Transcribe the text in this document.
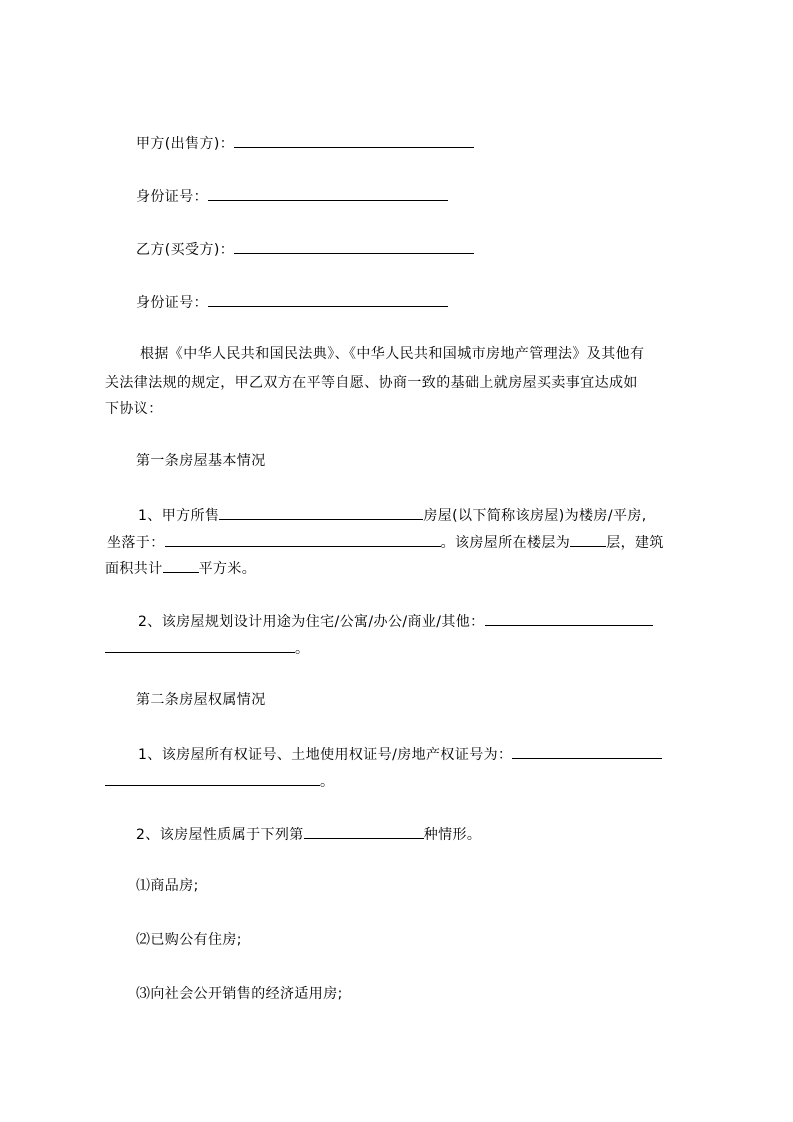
甲方(出售方)：
身份证号：
乙方(买受方)：
身份证号：
根据《中华人民共和国民法典》、《中华人民共和国城市房地产管理法》及其他有
关法律法规的规定，甲乙双方在平等自愿、协商一致的基础上就房屋买卖事宜达成如
下协议：
第一条房屋基本情况
1、甲方所售	房屋(以下简称该房屋)为楼房/平房,
坐落于：	。该房屋所在楼层为	层，建筑
面积共计	平方米。
2、该房屋规划设计用途为住宅/公寓/办公/商业/其他：
。
第二条房屋权属情况
1、该房屋所有权证号、土地使用权证号/房地产权证号为：
。
2、该房屋性质属于下列第	种情形。
⑴商品房;
⑵已购公有住房;
⑶向社会公开销售的经济适用房;
